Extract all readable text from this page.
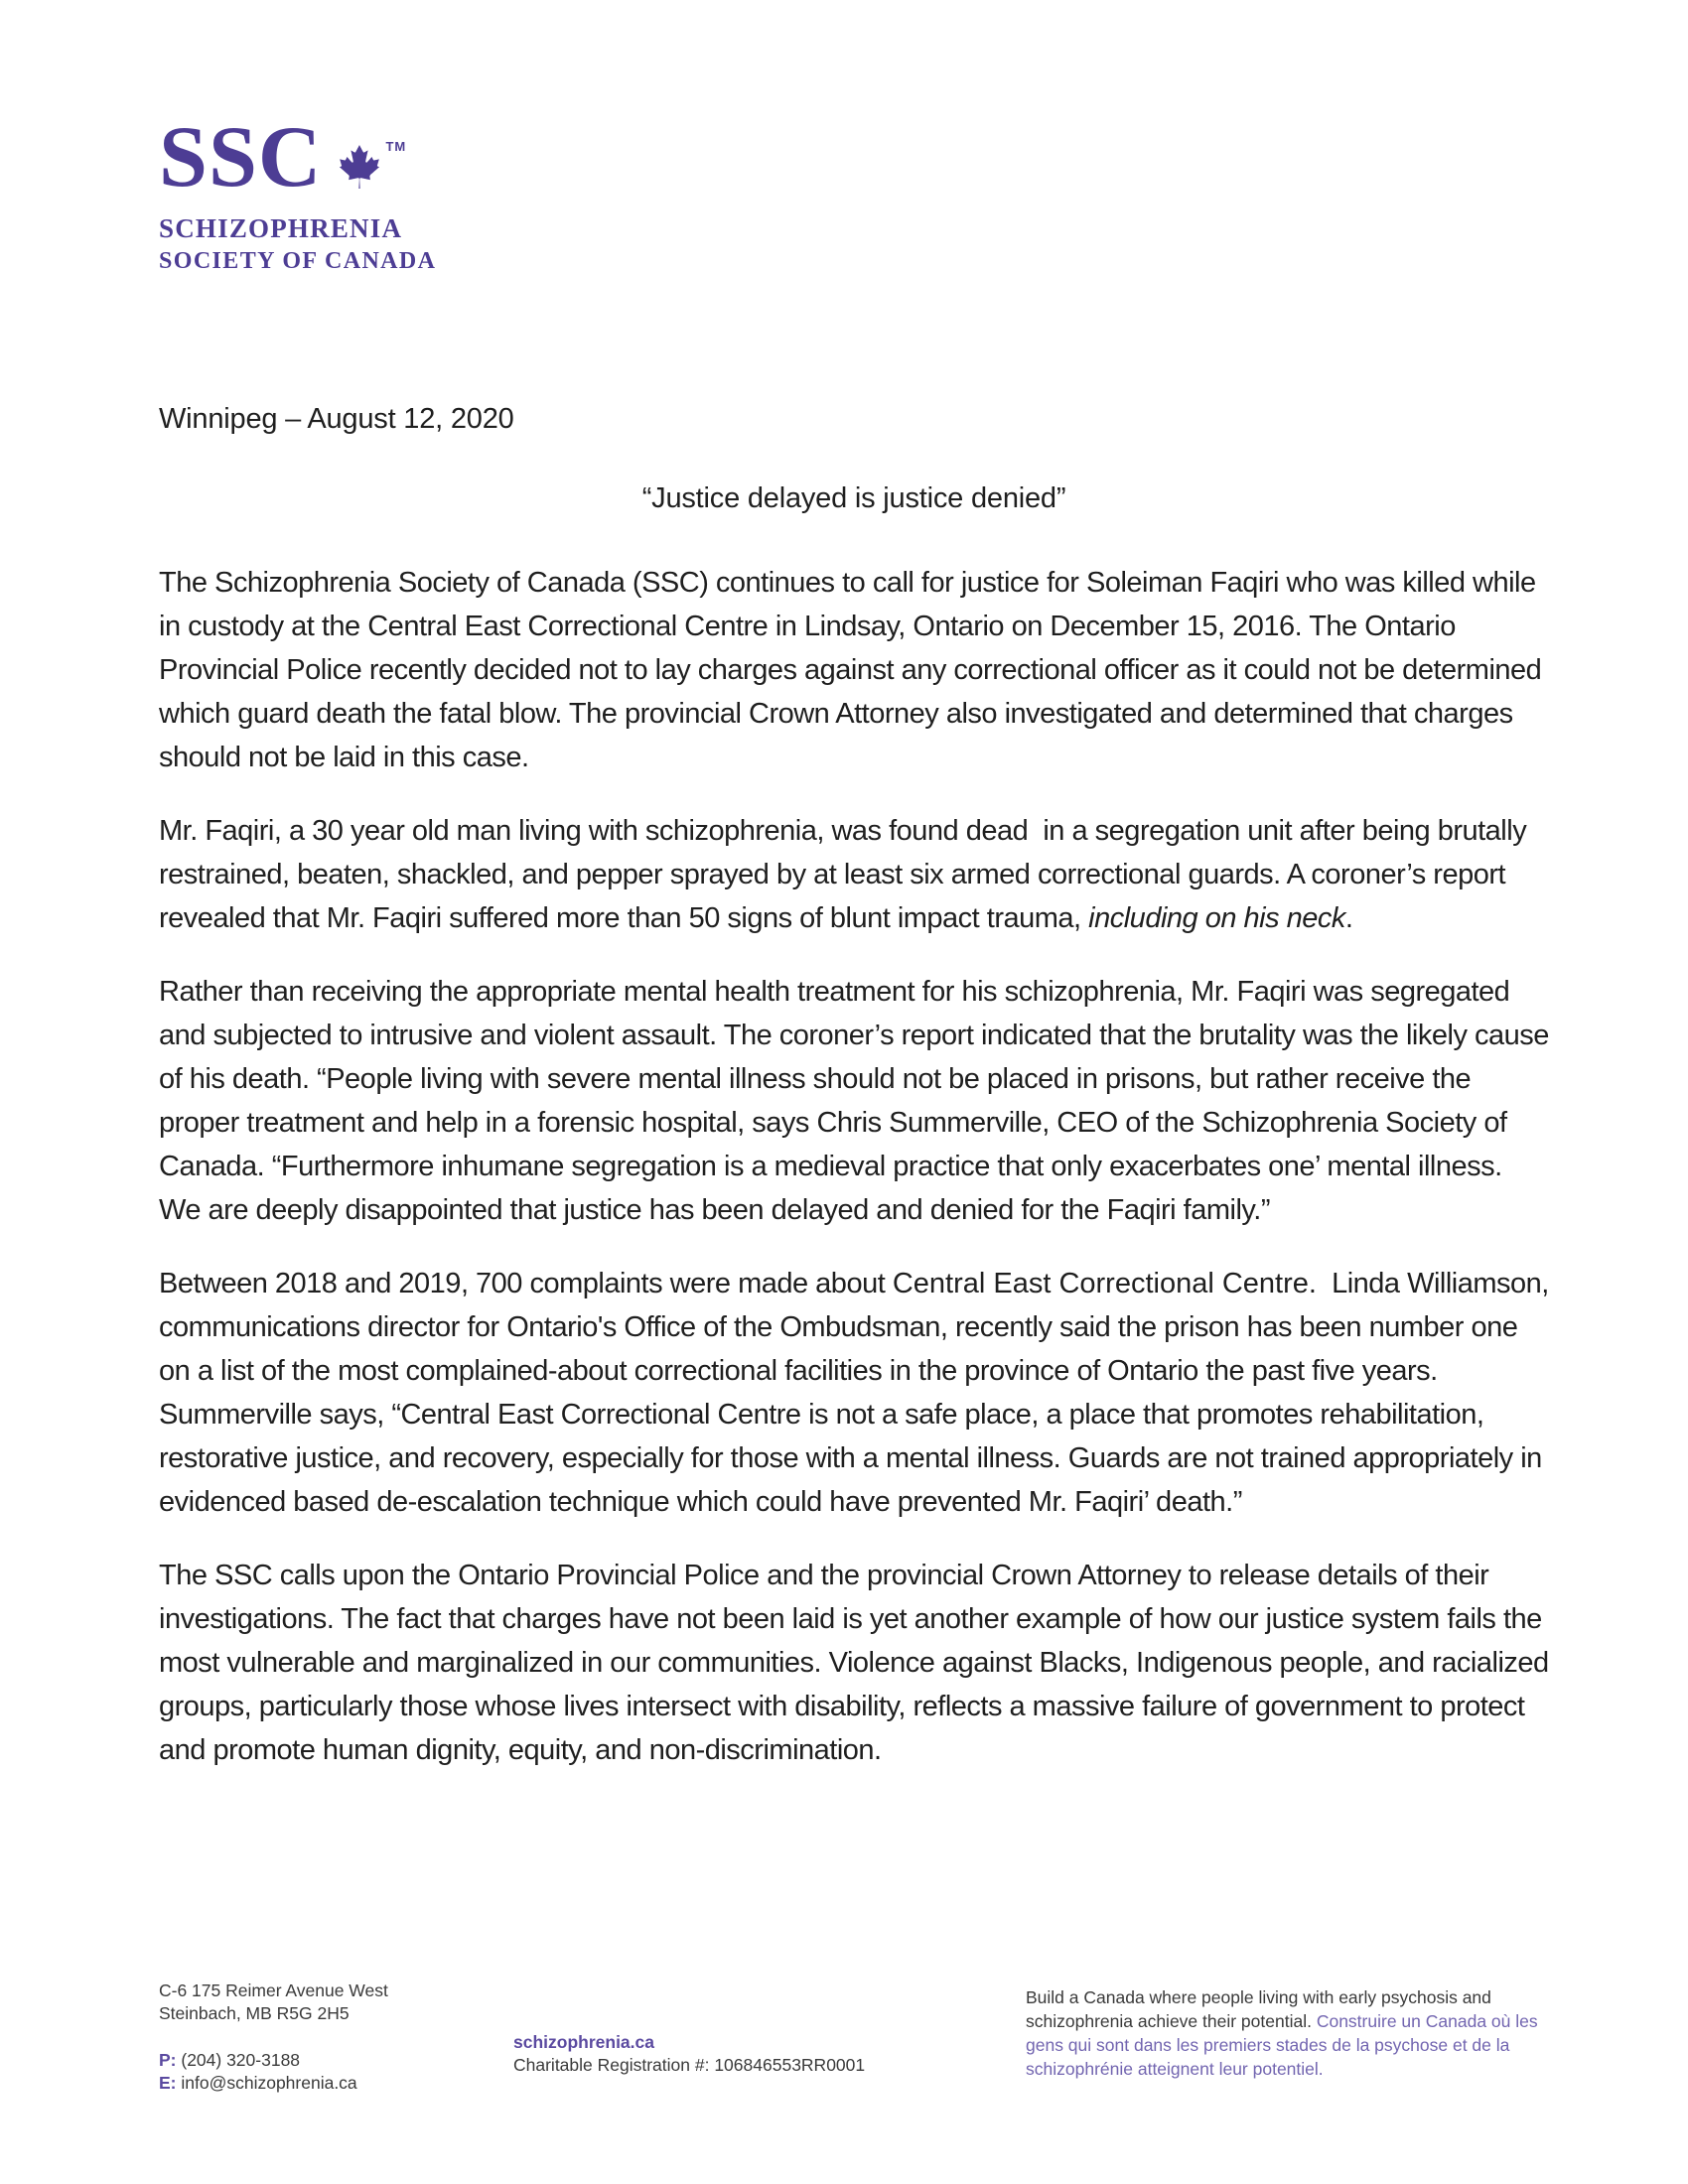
SSC	TM
SCHIZOPHRENIA
SOCIETY OF CANADA
Winnipeg – August 12, 2020
“Justice delayed is justice denied”

The Schizophrenia Society of Canada (SSC) continues to call for justice for Soleiman Faqiri who was killed while in custody at the Central East Correctional Centre in Lindsay, Ontario on December 15, 2016. The Ontario Provincial Police recently decided not to lay charges against any correctional officer as it could not be determined which guard death the fatal blow. The provincial Crown Attorney also investigated and determined that charges should not be laid in this case.

Mr. Faqiri, a 30 year old man living with schizophrenia, was found dead  in a segregation unit after being brutally restrained, beaten, shackled, and pepper sprayed by at least six armed correctional guards. A coroner’s report revealed that Mr. Faqiri suffered more than 50 signs of blunt impact trauma, including on his neck.

Rather than receiving the appropriate mental health treatment for his schizophrenia, Mr. Faqiri was segregated and subjected to intrusive and violent assault. The coroner’s report indicated that the brutality was the likely cause of his death. “People living with severe mental illness should not be placed in prisons, but rather receive the proper treatment and help in a forensic hospital, says Chris Summerville, CEO of the Schizophrenia Society of Canada. “Furthermore inhumane segregation is a medieval practice that only exacerbates one’ mental illness. We are deeply disappointed that justice has been delayed and denied for the Faqiri family.”

Between 2018 and 2019, 700 complaints were made about Central East Correctional Centre.  Linda Williamson, communications director for Ontario's Office of the Ombudsman, recently said the prison has been number one on a list of the most complained-about correctional facilities in the province of Ontario the past five years. Summerville says, “Central East Correctional Centre is not a safe place, a place that promotes rehabilitation, restorative justice, and recovery, especially for those with a mental illness. Guards are not trained appropriately in evidenced based de-escalation technique which could have prevented Mr. Faqiri’ death.”

The SSC calls upon the Ontario Provincial Police and the provincial Crown Attorney to release details of their investigations. The fact that charges have not been laid is yet another example of how our justice system fails the most vulnerable and marginalized in our communities. Violence against Blacks, Indigenous people, and racialized groups, particularly those whose lives intersect with disability, reflects a massive failure of government to protect and promote human dignity, equity, and non-discrimination.

C-6 175 Reimer Avenue West
Steinbach, MB R5G 2H5
P: (204) 320-3188
E: info@schizophrenia.ca
schizophrenia.ca
Charitable Registration #: 106846553RR0001
Build a Canada where people living with early psychosis and schizophrenia achieve their potential. Construire un Canada où les gens qui sont dans les premiers stades de la psychose et de la schizophrénie atteignent leur potentiel.
